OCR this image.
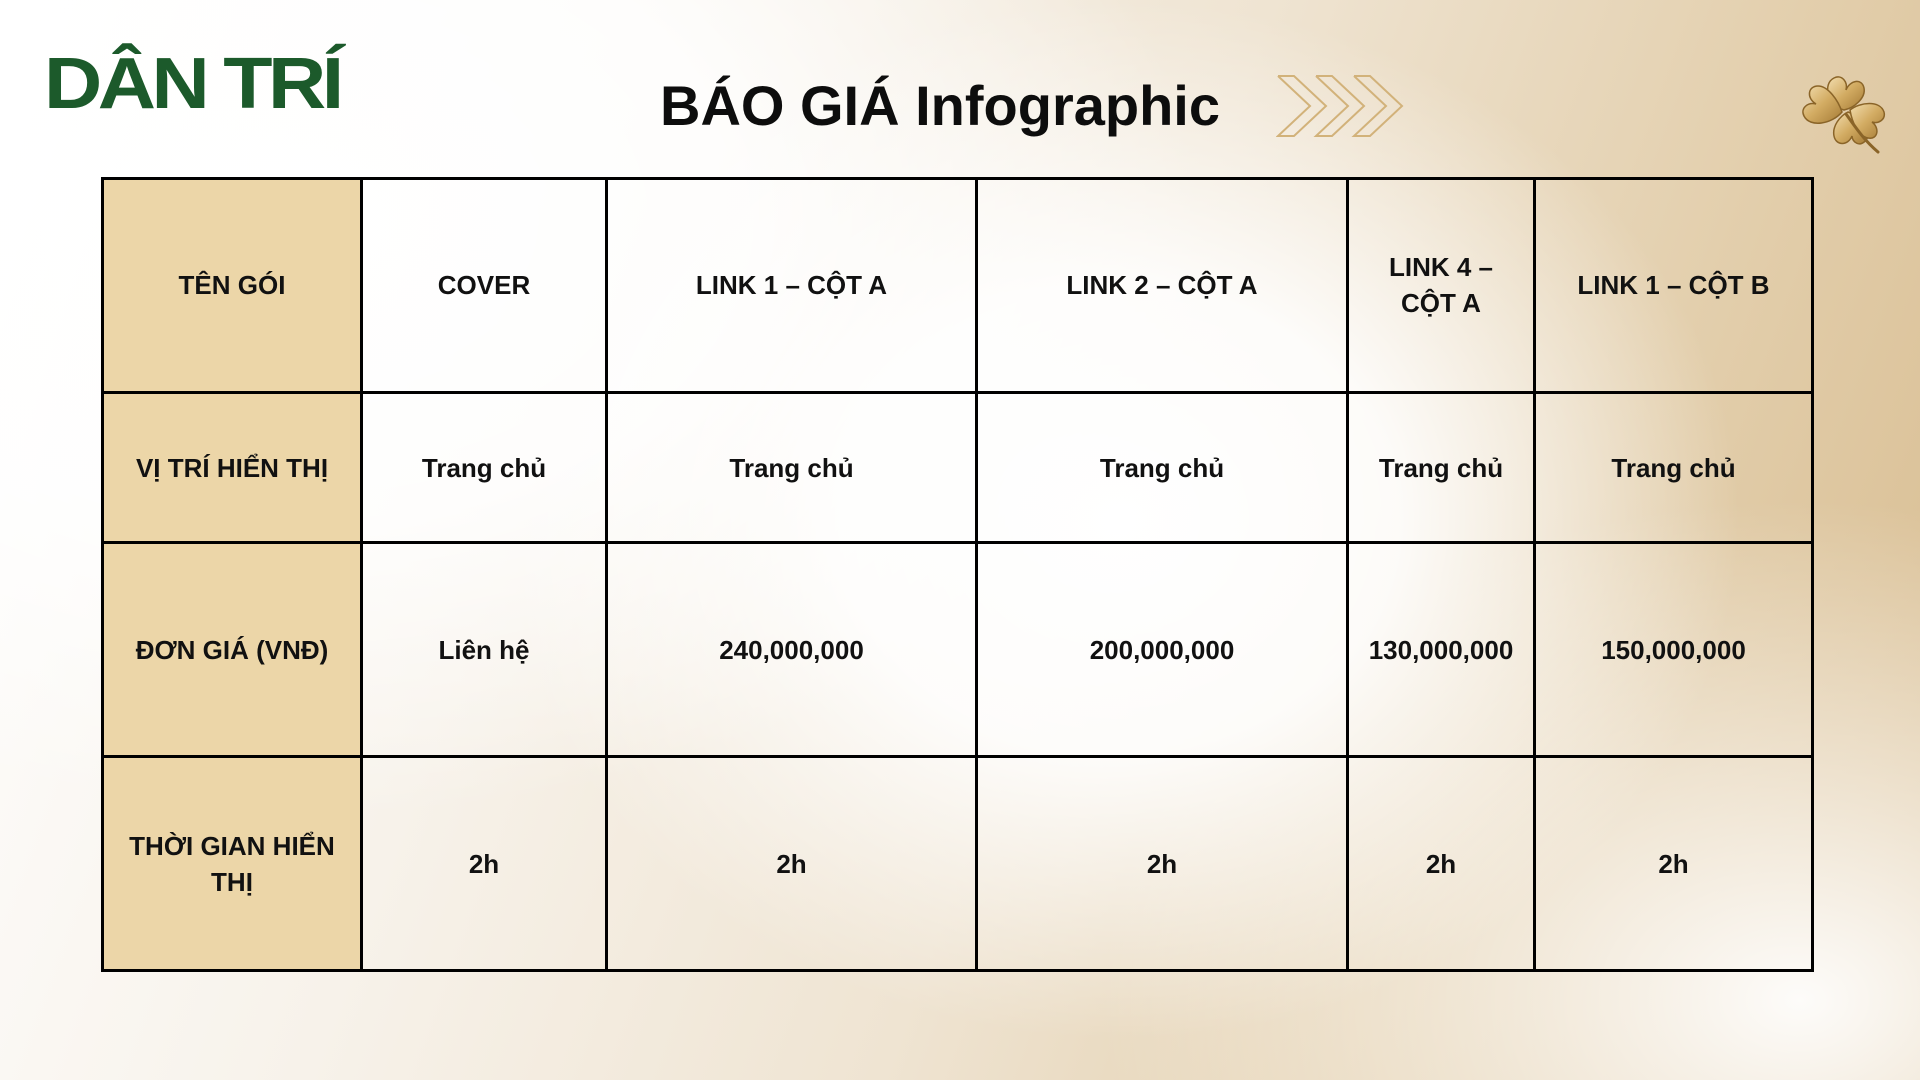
DÂN TRÍ	BÁO GIÁ Infographic
TÊN GÓI	COVER	LINK 1 – CỘT A	LINK 2 – CỘT A	LINK 4 – CỘT A	LINK 1 – CỘT B
VỊ TRÍ HIỂN THỊ	Trang chủ	Trang chủ	Trang chủ	Trang chủ	Trang chủ
ĐƠN GIÁ (VNĐ)	Liên hệ	240,000,000	200,000,000	130,000,000	150,000,000
THỜI GIAN HIỂN THỊ	2h	2h	2h	2h	2h
